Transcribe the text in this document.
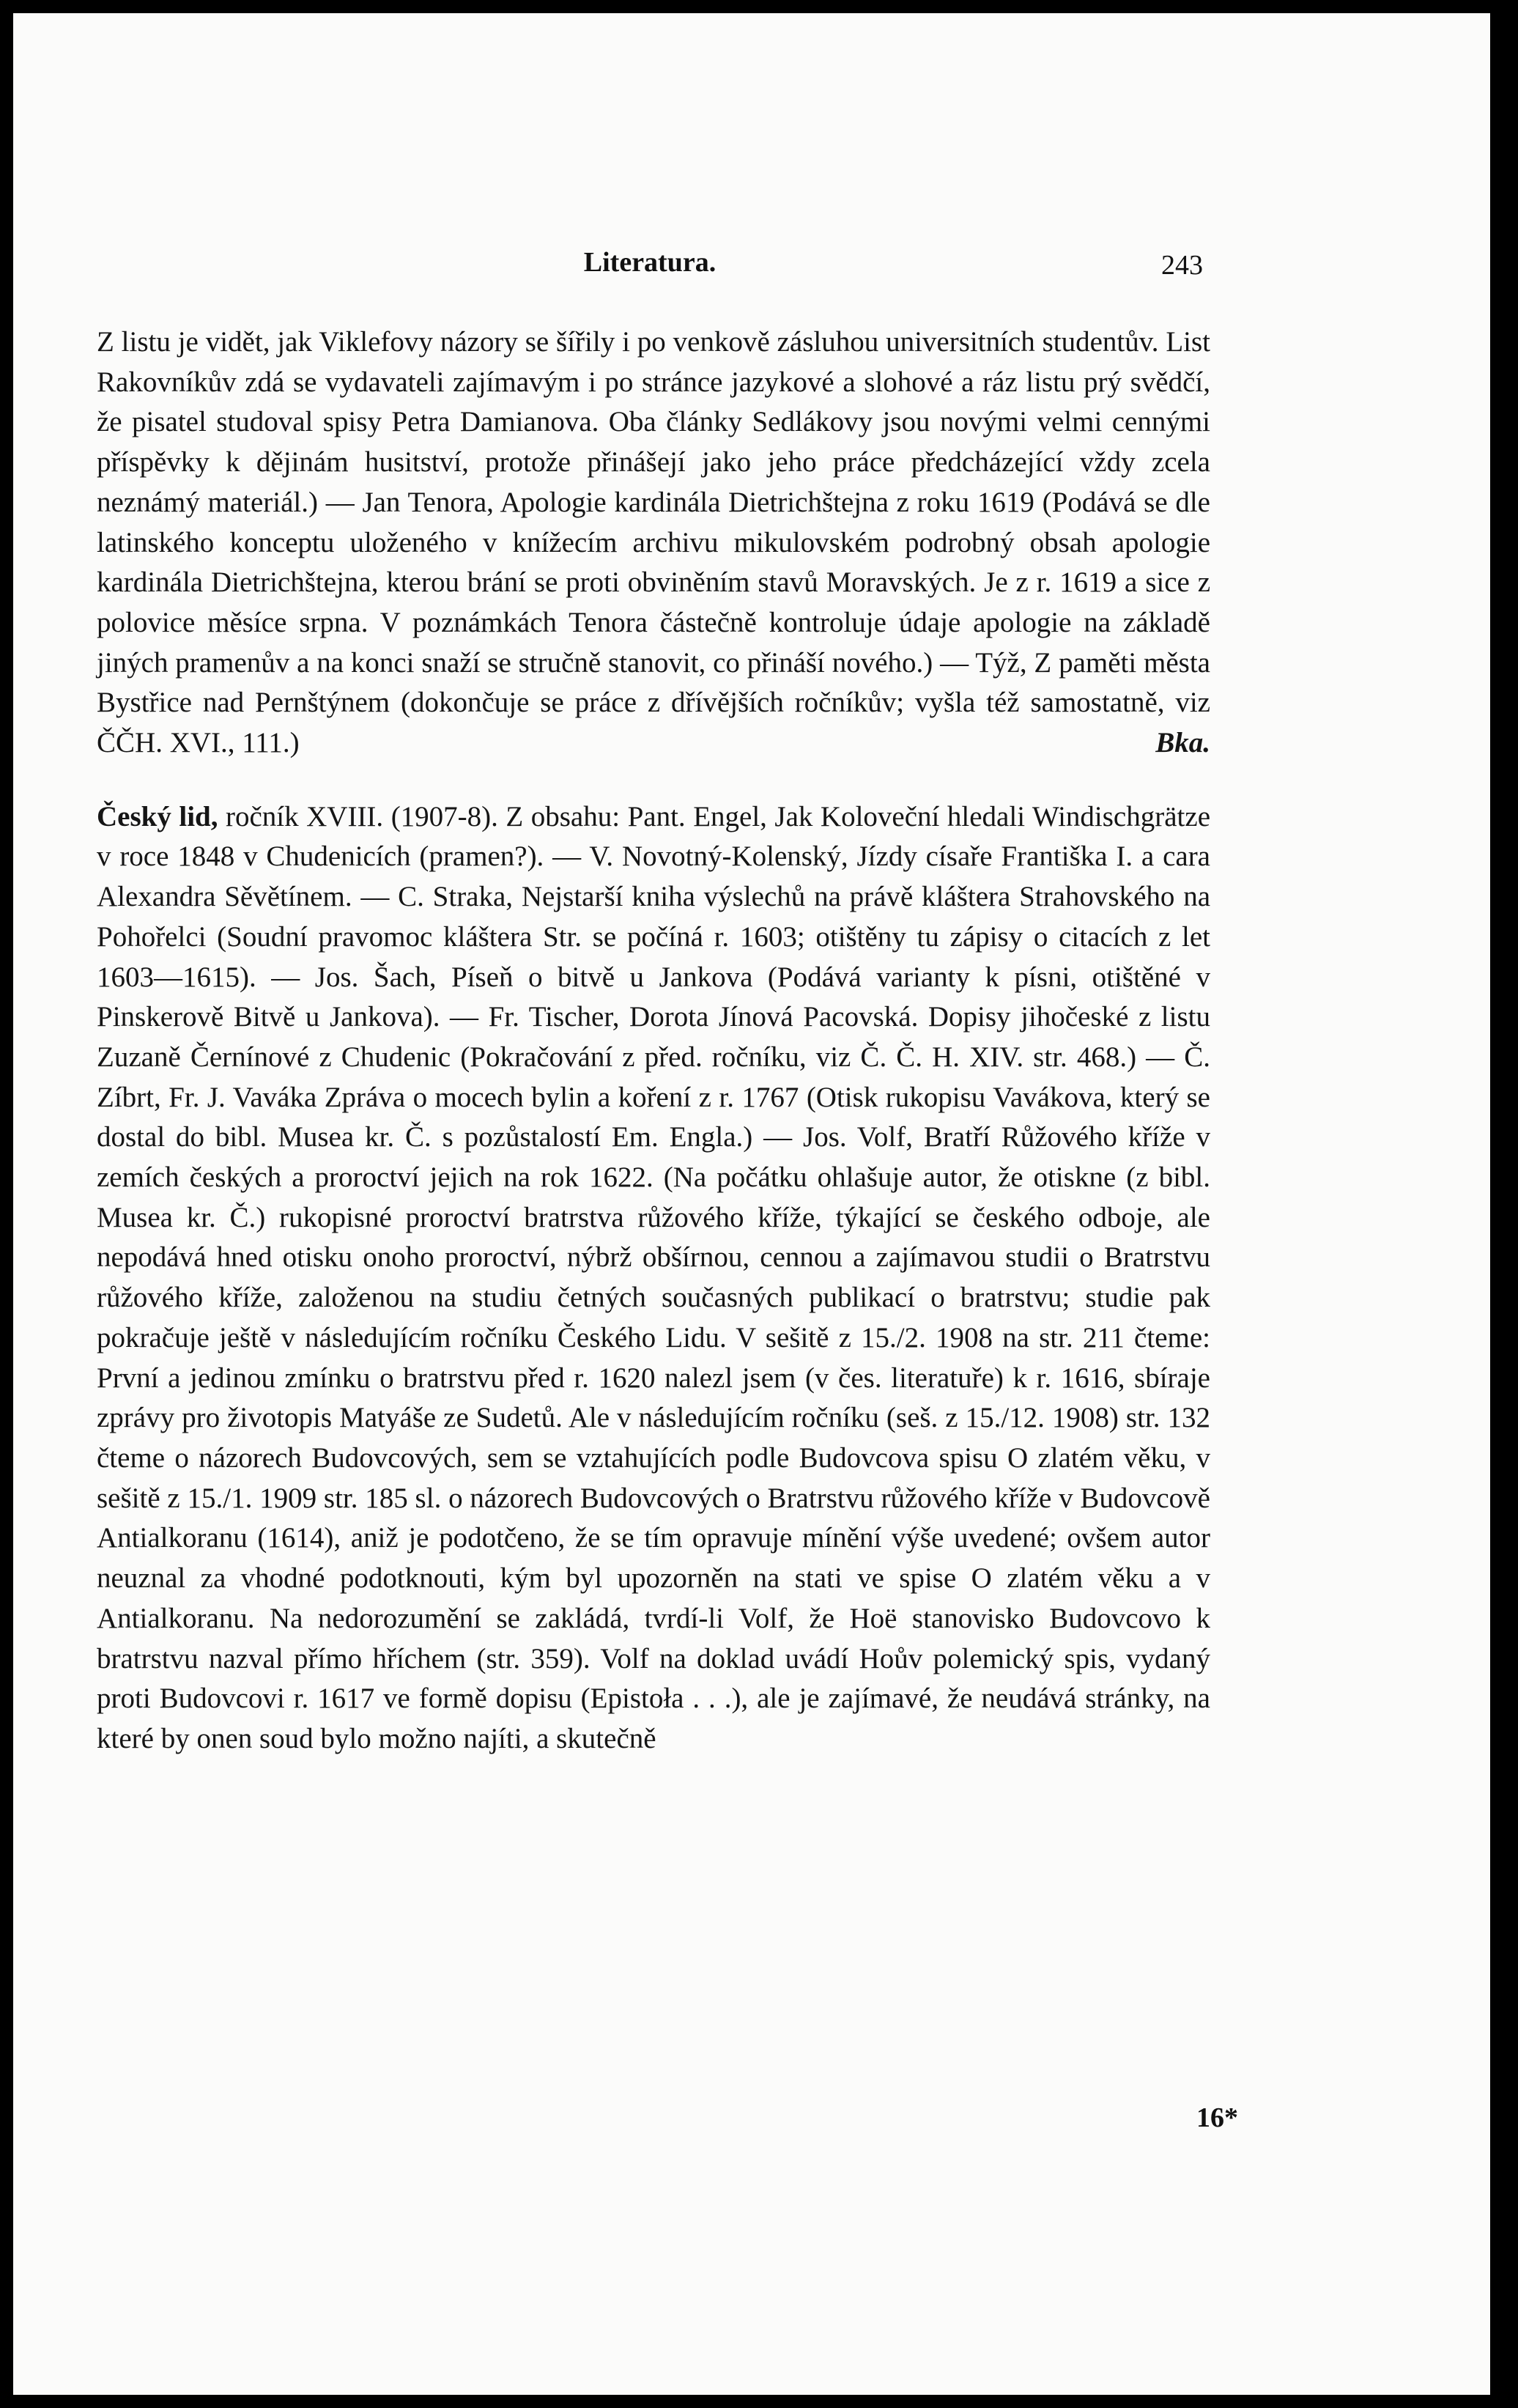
Literatura.	243

Z listu je vidět, jak Viklefovy názory se šířily i po venkově zásluhou universitních studentův. List Rakovníkův zdá se vydavateli zajímavým i po stránce jazykové a slohové a ráz listu prý svědčí, že pisatel studoval spisy Petra Damianova. Oba články Sedlákovy jsou novými velmi cennými příspěvky k dějinám husitství, protože přinášejí jako jeho práce předcházející vždy zcela neznámý materiál.) — Jan Tenora, Apologie kardinála Dietrichštejna z roku 1619 (Podává se dle latinského konceptu uloženého v knížecím archivu mikulovském podrobný obsah apologie kardinála Dietrichštejna, kterou brání se proti obviněním stavů Moravských. Je z r. 1619 a sice z polovice měsíce srpna. V poznámkách Tenora částečně kontroluje údaje apologie na základě jiných pramenův a na konci snaží se stručně stanovit, co přináší nového.) — Týž, Z paměti města Bystřice nad Pernštýnem (dokončuje se práce z dřívějších ročníkův; vyšla též samostatně, viz ČČH. XVI., 111.)	Bka.

Český lid, ročník XVIII. (1907-8). Z obsahu: Pant. Engel, Jak Koloveční hledali Windischgrätze v roce 1848 v Chudenicích (pramen?). — V. Novotný-Kolenský, Jízdy císaře Františka I. a cara Alexandra Sěvětínem. — C. Straka, Nejstarší kniha výslechů na právě kláštera Strahovského na Pohořelci (Soudní pravomoc kláštera Str. se počíná r. 1603; otištěny tu zápisy o citacích z let 1603—1615). — Jos. Šach, Píseň o bitvě u Jankova (Podává varianty k písni, otištěné v Pinskerově Bitvě u Jankova). — Fr. Tischer, Dorota Jínová Pacovská. Dopisy jihočeské z listu Zuzaně Černínové z Chudenic (Pokračování z před. ročníku, viz Č. Č. H. XIV. str. 468.) — Č. Zíbrt, Fr. J. Vaváka Zpráva o mocech bylin a koření z r. 1767 (Otisk rukopisu Vavákova, který se dostal do bibl. Musea kr. Č. s pozůstalostí Em. Engla.) — Jos. Volf, Bratří Růžového kříže v zemích českých a proroctví jejich na rok 1622. (Na počátku ohlašuje autor, že otiskne (z bibl. Musea kr. Č.) rukopisné proroctví bratrstva růžového kříže, týkající se českého odboje, ale nepodává hned otisku onoho proroctví, nýbrž obšírnou, cennou a zajímavou studii o Bratrstvu růžového kříže, založenou na studiu četných současných publikací o bratrstvu; studie pak pokračuje ještě v následujícím ročníku Českého Lidu. V sešitě z 15./2. 1908 na str. 211 čteme: První a jedinou zmínku o bratrstvu před r. 1620 nalezl jsem (v čes. literatuře) k r. 1616, sbíraje zprávy pro životopis Matyáše ze Sudetů. Ale v následujícím ročníku (seš. z 15./12. 1908) str. 132 čteme o názorech Budovcových, sem se vztahujících podle Budovcova spisu O zlatém věku, v sešitě z 15./1. 1909 str. 185 sl. o názorech Budovcových o Bratrstvu růžového kříže v Budovcově Antialkoranu (1614), aniž je podotčeno, že se tím opravuje mínění výše uvedené; ovšem autor neuznal za vhodné podotknouti, kým byl upozorněn na stati ve spise O zlatém věku a v Antialkoranu. Na nedorozumění se zakládá, tvrdí-li Volf, že Hoë stanovisko Budovcovo k bratrstvu nazval přímo hříchem (str. 359). Volf na doklad uvádí Hoův polemický spis, vydaný proti Budovcovi r. 1617 ve formě dopisu (Epistoła . . .), ale je zajímavé, že neudává stránky, na které by onen soud bylo možno najíti, a skutečně

16*
